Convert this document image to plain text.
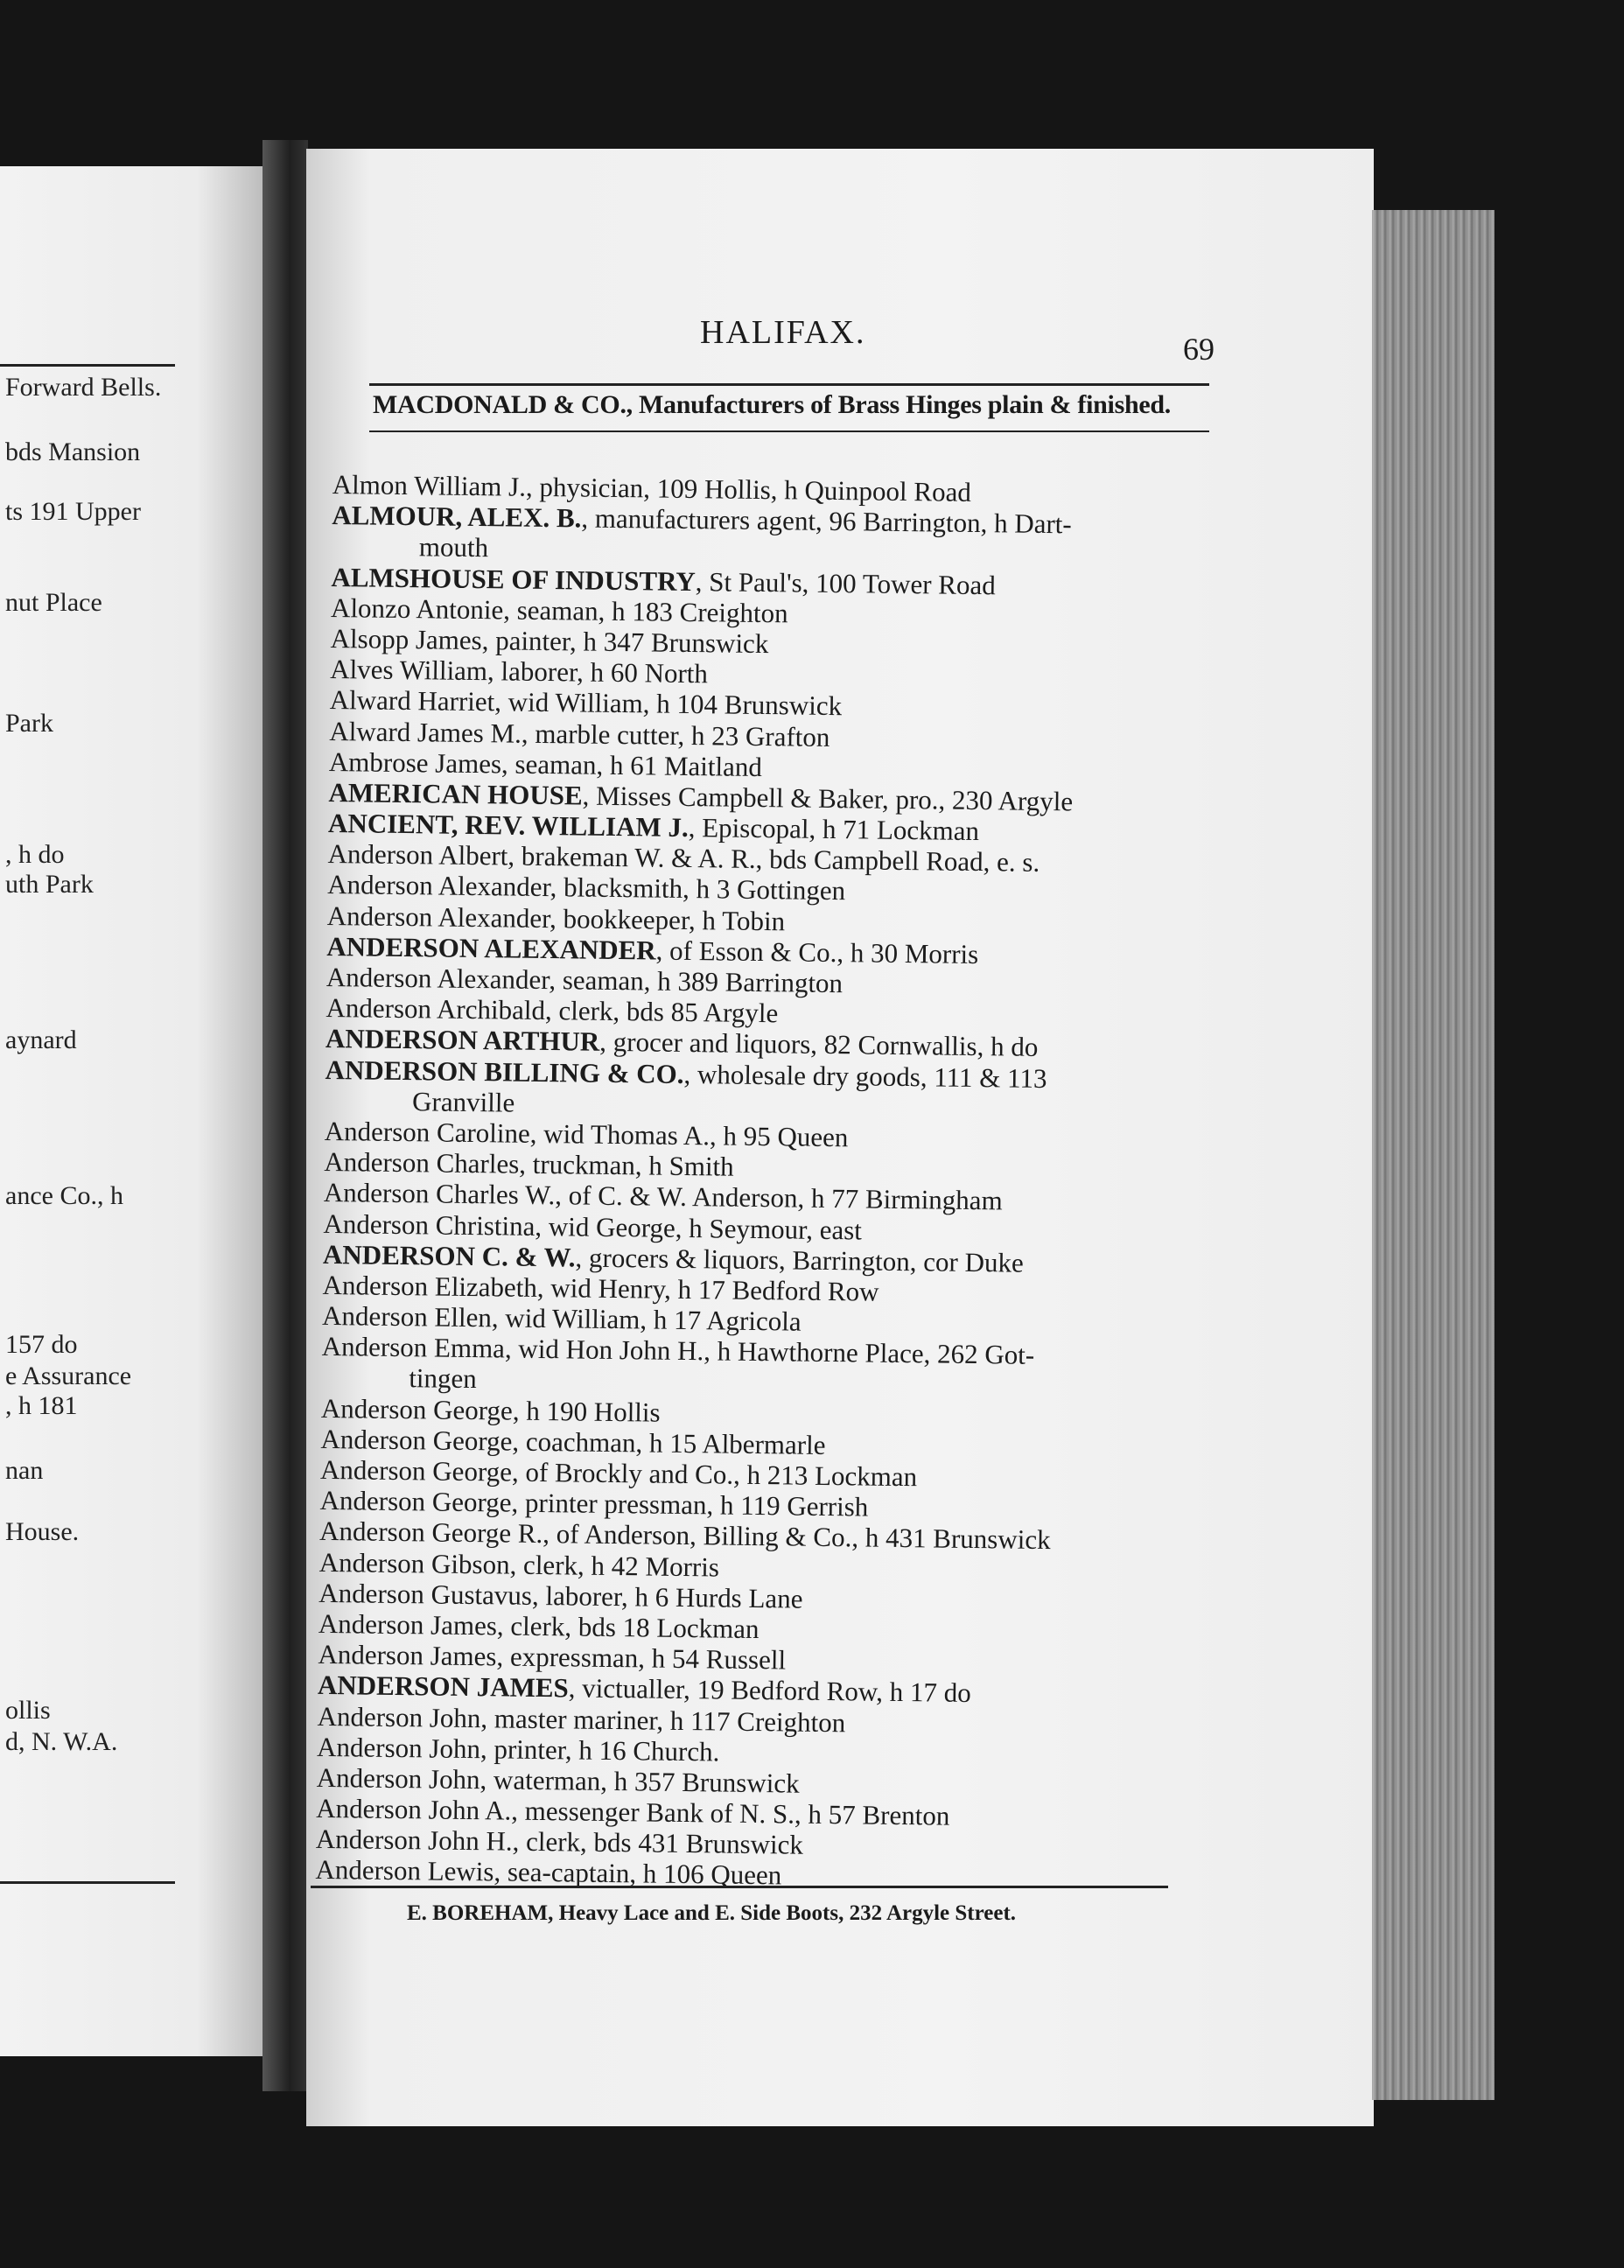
Forward Bells.
bds Mansion
ts 191 Upper
nut Place
Park
, h do
uth Park
aynard
ance Co., h
157 do
e Assurance
, h 181
nan
House.
ollis
d, N. W.A.
HALIFAX.	69
MACDONALD & CO., Manufacturers of Brass Hinges plain & finished.
Almon William J., physician, 109 Hollis, h Quinpool Road
ALMOUR, ALEX. B., manufacturers agent, 96 Barrington, h Dart-
mouth
ALMSHOUSE OF INDUSTRY, St Paul's, 100 Tower Road
Alonzo Antonie, seaman, h 183 Creighton
Alsopp James, painter, h 347 Brunswick
Alves William, laborer, h 60 North
Alward Harriet, wid William, h 104 Brunswick
Alward James M., marble cutter, h 23 Grafton
Ambrose James, seaman, h 61 Maitland
AMERICAN HOUSE, Misses Campbell & Baker, pro., 230 Argyle
ANCIENT, REV. WILLIAM J., Episcopal, h 71 Lockman
Anderson Albert, brakeman W. & A. R., bds Campbell Road, e. s.
Anderson Alexander, blacksmith, h 3 Gottingen
Anderson Alexander, bookkeeper, h Tobin
ANDERSON ALEXANDER, of Esson & Co., h 30 Morris
Anderson Alexander, seaman, h 389 Barrington
Anderson Archibald, clerk, bds 85 Argyle
ANDERSON ARTHUR, grocer and liquors, 82 Cornwallis, h do
ANDERSON BILLING & CO., wholesale dry goods, 111 & 113
Granville
Anderson Caroline, wid Thomas A., h 95 Queen
Anderson Charles, truckman, h Smith
Anderson Charles W., of C. & W. Anderson, h 77 Birmingham
Anderson Christina, wid George, h Seymour, east
ANDERSON C. & W., grocers & liquors, Barrington, cor Duke
Anderson Elizabeth, wid Henry, h 17 Bedford Row
Anderson Ellen, wid William, h 17 Agricola
Anderson Emma, wid Hon John H., h Hawthorne Place, 262 Got-
tingen
Anderson George, h 190 Hollis
Anderson George, coachman, h 15 Albermarle
Anderson George, of Brockly and Co., h 213 Lockman
Anderson George, printer pressman, h 119 Gerrish
Anderson George R., of Anderson, Billing & Co., h 431 Brunswick
Anderson Gibson, clerk, h 42 Morris
Anderson Gustavus, laborer, h 6 Hurds Lane
Anderson James, clerk, bds 18 Lockman
Anderson James, expressman, h 54 Russell
ANDERSON JAMES, victualler, 19 Bedford Row, h 17 do
Anderson John, master mariner, h 117 Creighton
Anderson John, printer, h 16 Church.
Anderson John, waterman, h 357 Brunswick
Anderson John A., messenger Bank of N. S., h 57 Brenton
Anderson John H., clerk, bds 431 Brunswick
Anderson Lewis, sea-captain, h 106 Queen
E. BOREHAM, Heavy Lace and E. Side Boots, 232 Argyle Street.
